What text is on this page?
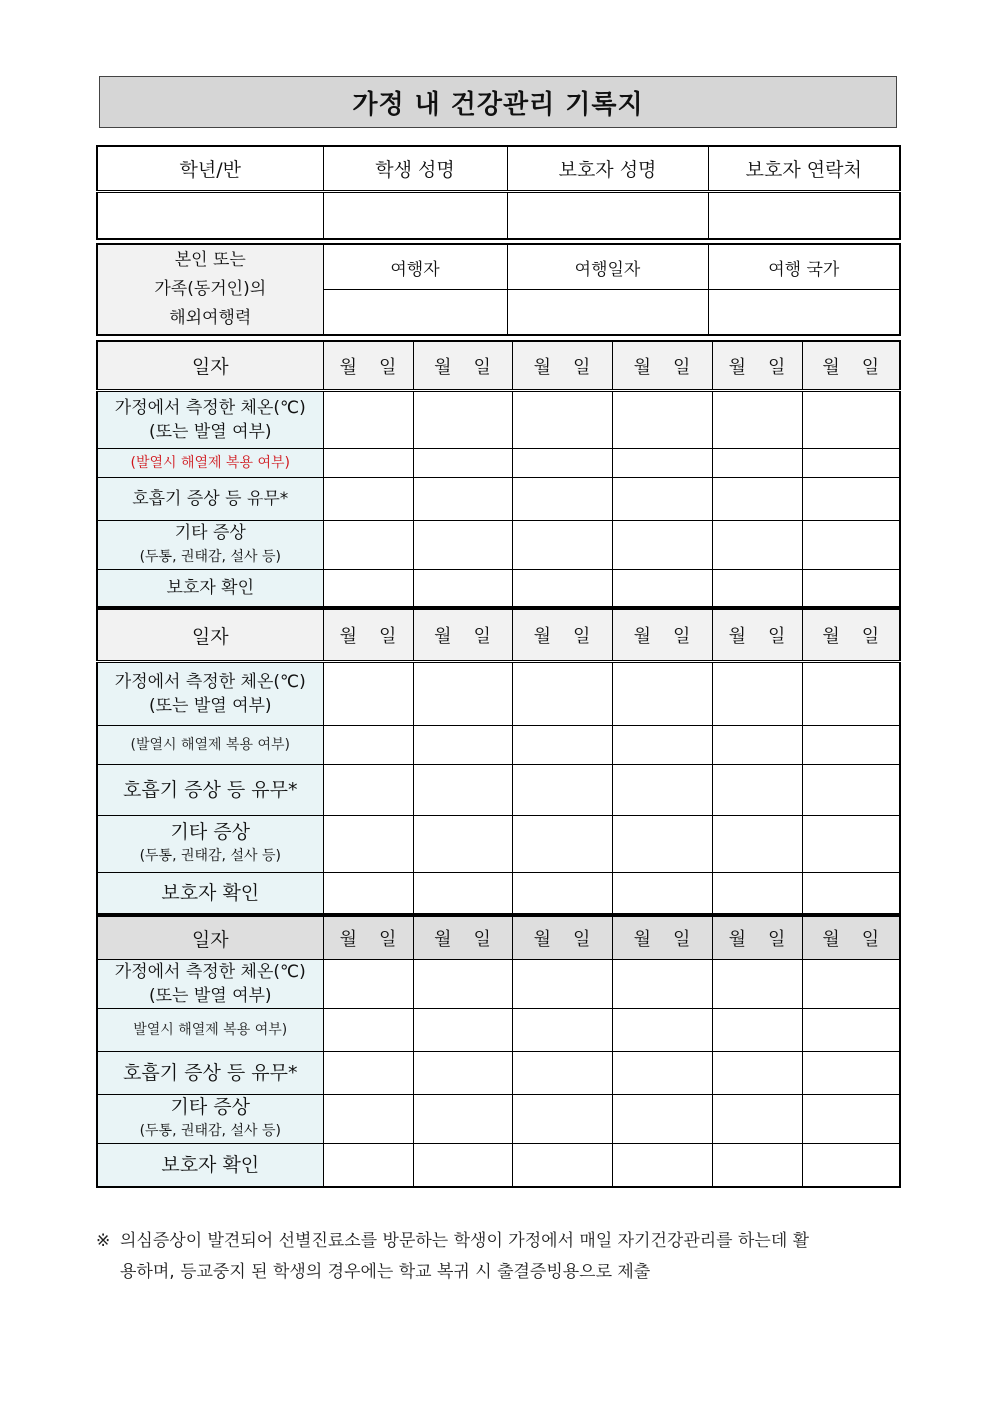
가정 내 건강관리 기록지
학년/반	학생 성명	보호자 성명	보호자 연락처

본인 또는
가족(동거인)의
해외여행력	여행자	여행일자	여행 국가

일자	월 일	월 일	월 일	월 일	월 일	월 일

가정에서 측정한 체온(℃)
(또는 발열 여부)						

(발열시 해열제 복용 여부)						
호흡기 증상 등 유무*						

기타 증상
(두통, 권태감, 설사 등)						

보호자 확인						
일자	월 일	월 일	월 일	월 일	월 일	월 일

가정에서 측정한 체온(℃)
(또는 발열 여부)						

(발열시 해열제 복용 여부)						
호흡기 증상 등 유무*						

기타 증상
(두통, 권태감, 설사 등)						

보호자 확인						
일자	월 일	월 일	월 일	월 일	월 일	월 일

가정에서 측정한 체온(℃)
(또는 발열 여부)						

발열시 해열제 복용 여부)						
호흡기 증상 등 유무*						

기타 증상
(두통, 권태감, 설사 등)						

보호자 확인						
※ 의심증상이 발견되어 선별진료소를 방문하는 학생이 가정에서 매일 자기건강관리를 하는데 활
용하며, 등교중지 된 학생의 경우에는 학교 복귀 시 출결증빙용으로 제출
